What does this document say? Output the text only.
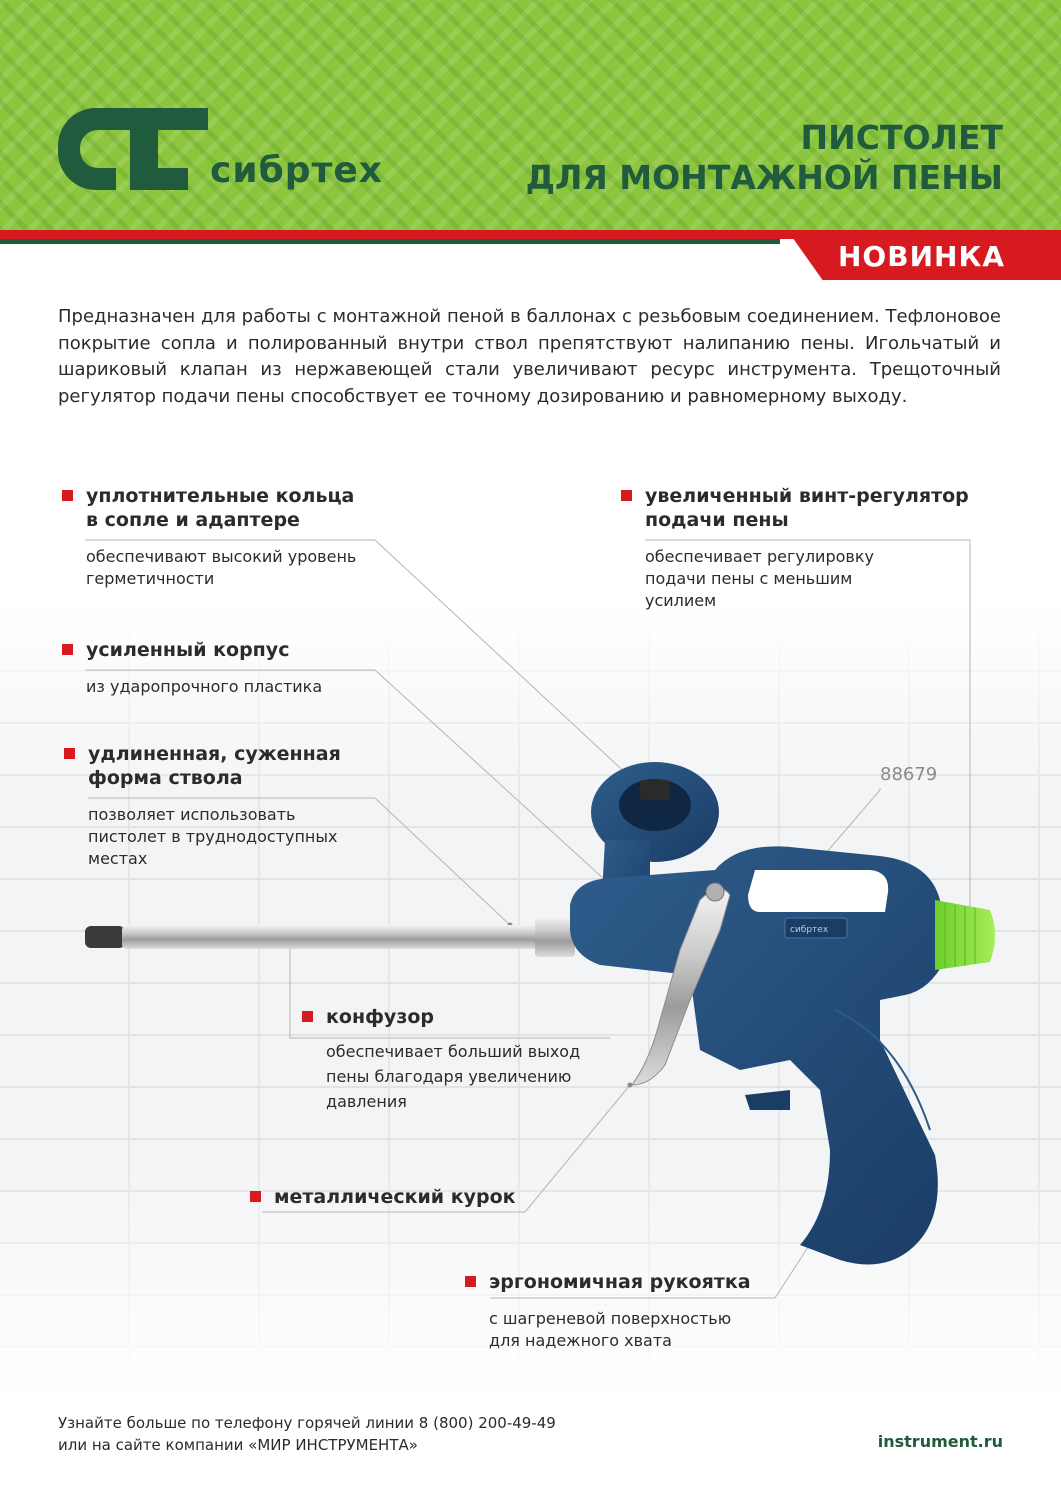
сибртех
ПИСТОЛЕТ
ДЛЯ МОНТАЖНОЙ ПЕНЫ
НОВИНКА
Предназначен для работы с монтажной пеной в баллонах с резьбовым соединением. Тефлоновое покрытие сопла и полированный внутри ствол препятствуют налипанию пены. Игольчатый и шариковый клапан из нержавеющей стали увеличивают ресурс инструмента. Трещоточный регулятор подачи пены способствует ее точному дозированию и равномерному выходу.
сибртех
88679
уплотнительные кольца
в сопле и адаптере
обеспечивают высокий уровень
герметичности
усиленный корпус
из ударопрочного пластика
удлиненная, суженная
форма ствола
позволяет использовать
пистолет в труднодоступных
местах
увеличенный винт-регулятор
подачи пены
обеспечивает регулировку
подачи пены с меньшим
усилием
конфузор
обеспечивает больший выход
пены благодаря увеличению
давления
металлический курок
эргономичная рукоятка
с шагреневой поверхностью
для надежного хвата
Узнайте больше по телефону горячей линии 8 (800) 200-49-49
или на сайте компании «МИР ИНСТРУМЕНТА»	instrument.ru
